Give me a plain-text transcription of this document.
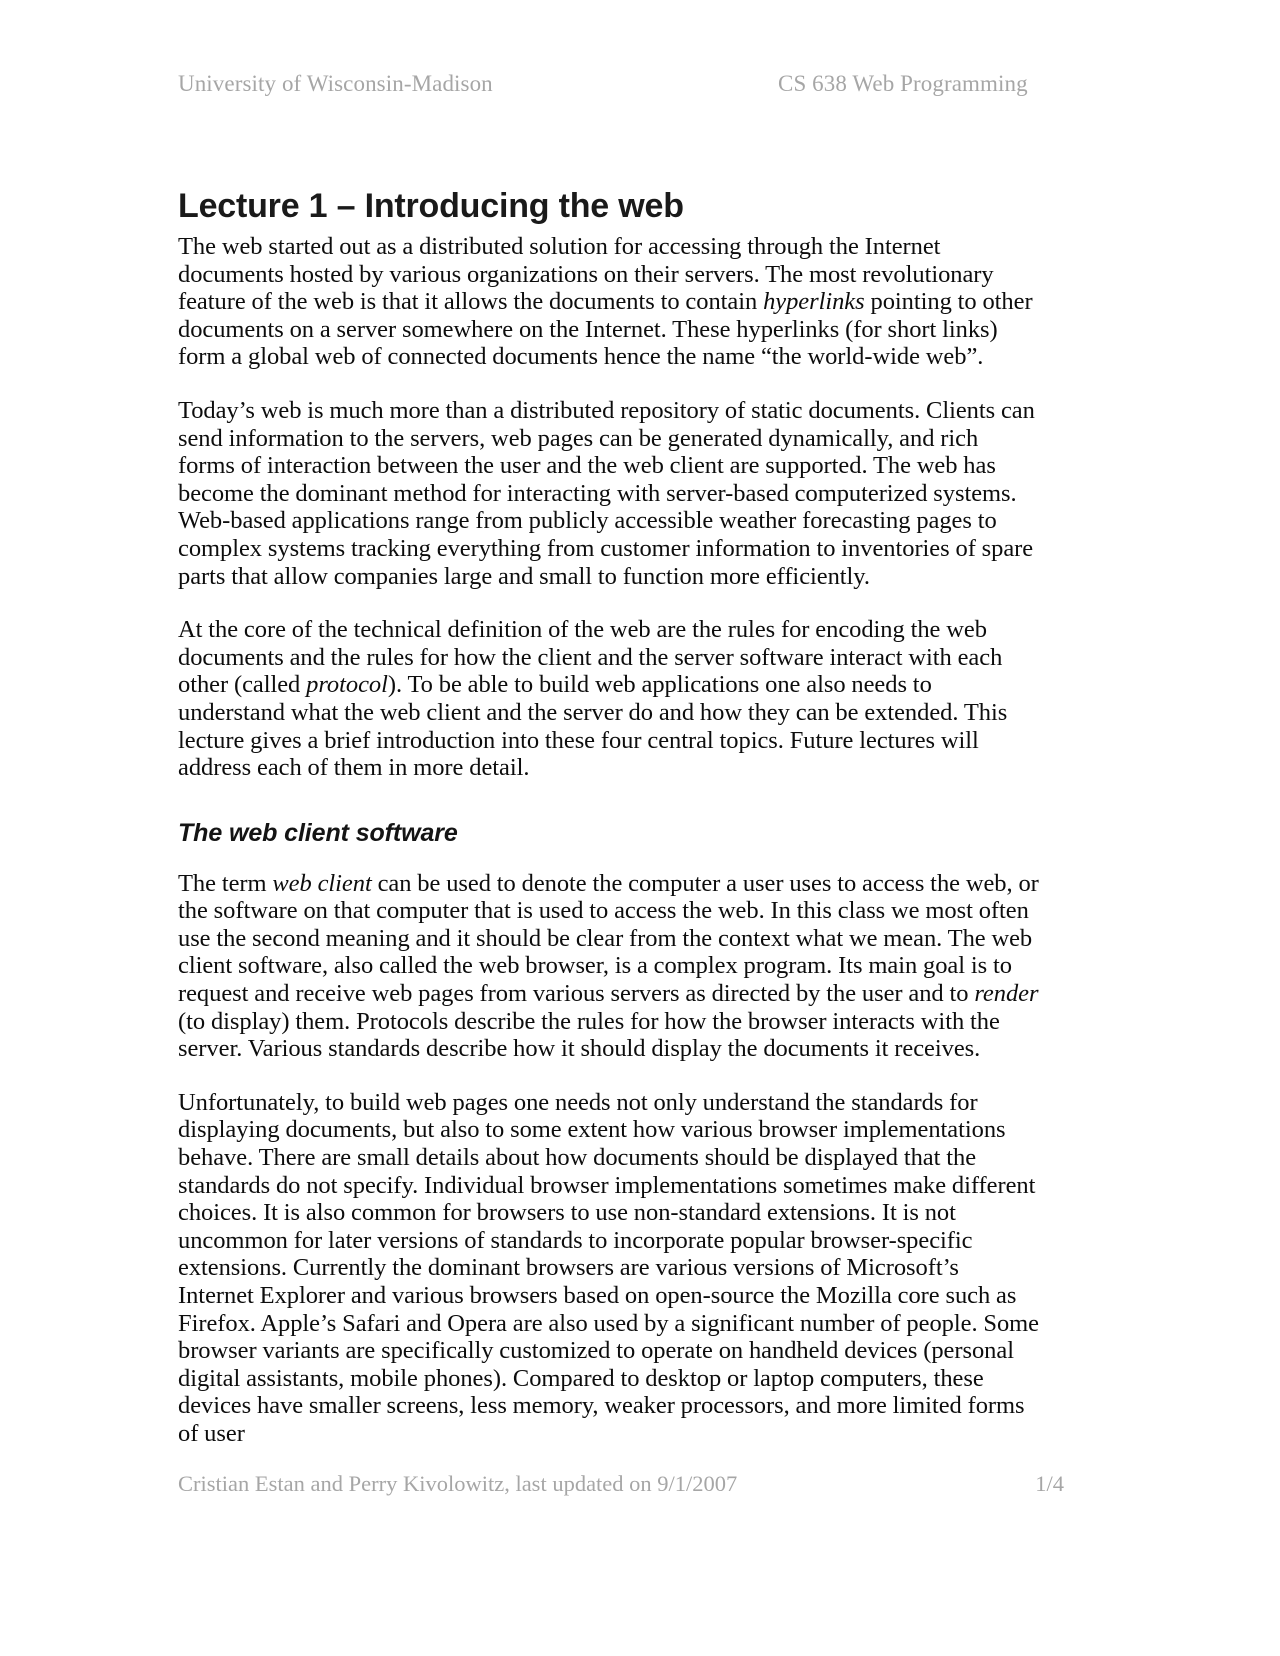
University of Wisconsin-Madison	CS 638 Web Programming
Lecture 1 – Introducing the web

The web started out as a distributed solution for accessing through the Internet documents hosted by various organizations on their servers. The most revolutionary feature of the web is that it allows the documents to contain hyperlinks pointing to other documents on a server somewhere on the Internet. These hyperlinks (for short links) form a global web of connected documents hence the name “the world-wide web”.

Today’s web is much more than a distributed repository of static documents. Clients can send information to the servers, web pages can be generated dynamically, and rich forms of interaction between the user and the web client are supported. The web has become the dominant method for interacting with server-based computerized systems. Web-based applications range from publicly accessible weather forecasting pages to complex systems tracking everything from customer information to inventories of spare parts that allow companies large and small to function more efficiently.

At the core of the technical definition of the web are the rules for encoding the web documents and the rules for how the client and the server software interact with each other (called protocol). To be able to build web applications one also needs to understand what the web client and the server do and how they can be extended. This lecture gives a brief introduction into these four central topics. Future lectures will address each of them in more detail.

The web client software

The term web client can be used to denote the computer a user uses to access the web, or the software on that computer that is used to access the web. In this class we most often use the second meaning and it should be clear from the context what we mean. The web client software, also called the web browser, is a complex program. Its main goal is to request and receive web pages from various servers as directed by the user and to render (to display) them. Protocols describe the rules for how the browser interacts with the server. Various standards describe how it should display the documents it receives.

Unfortunately, to build web pages one needs not only understand the standards for displaying documents, but also to some extent how various browser implementations behave. There are small details about how documents should be displayed that the standards do not specify. Individual browser implementations sometimes make different choices. It is also common for browsers to use non-standard extensions. It is not uncommon for later versions of standards to incorporate popular browser-specific extensions. Currently the dominant browsers are various versions of Microsoft’s Internet Explorer and various browsers based on open-source the Mozilla core such as Firefox. Apple’s Safari and Opera are also used by a significant number of people. Some browser variants are specifically customized to operate on handheld devices (personal digital assistants, mobile phones). Compared to desktop or laptop computers, these devices have smaller screens, less memory, weaker processors, and more limited forms of user

Cristian Estan and Perry Kivolowitz, last updated on 9/1/2007	1/4
